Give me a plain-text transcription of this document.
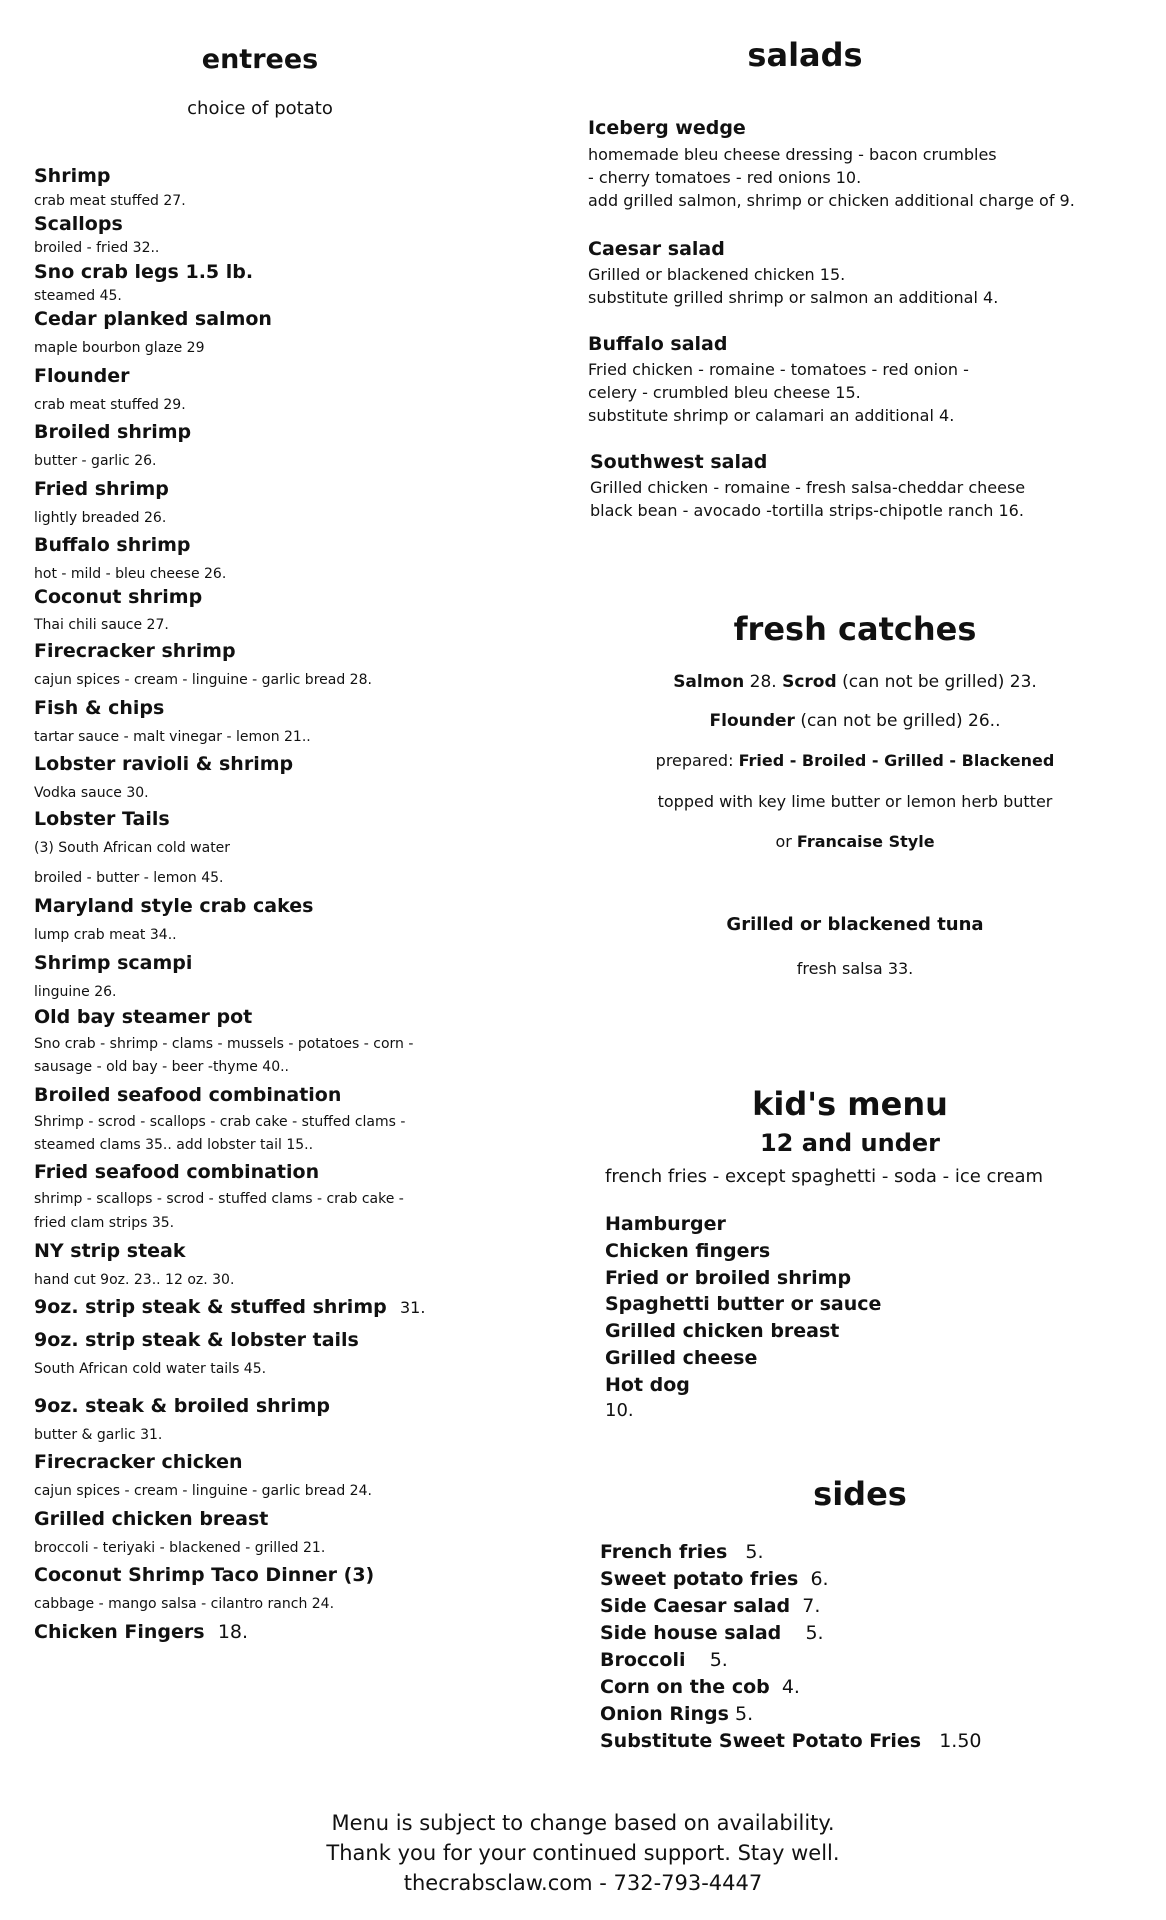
entrees
choice of potato
Shrimp
crab meat stuffed 27.
Scallops
broiled - fried 32..
Sno crab legs 1.5 lb.
steamed 45.
Cedar planked salmon
maple bourbon glaze 29
Flounder
crab meat stuffed 29.
Broiled shrimp
butter - garlic 26.
Fried shrimp
lightly breaded 26.
Buffalo shrimp
hot - mild - bleu cheese 26.
Coconut shrimp
Thai chili sauce 27.
Firecracker shrimp
cajun spices - cream - linguine - garlic bread 28.
Fish & chips
tartar sauce - malt vinegar - lemon 21..
Lobster ravioli & shrimp
Vodka sauce 30.
Lobster Tails
(3) South African cold water
broiled - butter - lemon 45.
Maryland style crab cakes
lump crab meat 34..
Shrimp scampi
linguine 26.
Old bay steamer pot
Sno crab - shrimp - clams - mussels - potatoes - corn -
sausage - old bay - beer -thyme 40..
Broiled seafood combination
Shrimp - scrod - scallops - crab cake - stuffed clams -
steamed clams 35.. add lobster tail 15..
Fried seafood combination
shrimp - scallops - scrod - stuffed clams - crab cake -
fried clam strips 35.
NY strip steak
hand cut 9oz. 23.. 12 oz. 30.
9oz. strip steak & stuffed shrimp 31.
9oz. strip steak & lobster tails
South African cold water tails 45.
9oz. steak & broiled shrimp
butter & garlic 31.
Firecracker chicken
cajun spices - cream - linguine - garlic bread 24.
Grilled chicken breast
broccoli - teriyaki - blackened - grilled 21.
Coconut Shrimp Taco Dinner (3)
cabbage - mango salsa - cilantro ranch 24.
Chicken Fingers 18.
salads
Iceberg wedge
homemade bleu cheese dressing - bacon crumbles
- cherry tomatoes - red onions 10.
add grilled salmon, shrimp or chicken additional charge of 9.
Caesar salad
Grilled or blackened chicken 15.
substitute grilled shrimp or salmon an additional 4.
Buffalo salad
Fried chicken - romaine - tomatoes - red onion -
celery - crumbled bleu cheese 15.
substitute shrimp or calamari an additional 4.
Southwest salad
Grilled chicken - romaine - fresh salsa-cheddar cheese
black bean - avocado -tortilla strips-chipotle ranch 16.
fresh catches
Salmon 28. Scrod (can not be grilled) 23.
Flounder (can not be grilled) 26..
prepared: Fried - Broiled - Grilled - Blackened
topped with key lime butter or lemon herb butter
or Francaise Style
Grilled or blackened tuna
fresh salsa 33.
kid's menu
12 and under
french fries - except spaghetti - soda - ice cream
Hamburger
Chicken fingers
Fried or broiled shrimp
Spaghetti butter or sauce
Grilled chicken breast
Grilled cheese
Hot dog
10.
sides
French fries 5.
Sweet potato fries 6.
Side Caesar salad 7.
Side house salad 5.
Broccoli 5.
Corn on the cob 4.
Onion Rings 5.
Substitute Sweet Potato Fries 1.50
Menu is subject to change based on availability.
Thank you for your continued support. Stay well.
thecrabsclaw.com - 732-793-4447
